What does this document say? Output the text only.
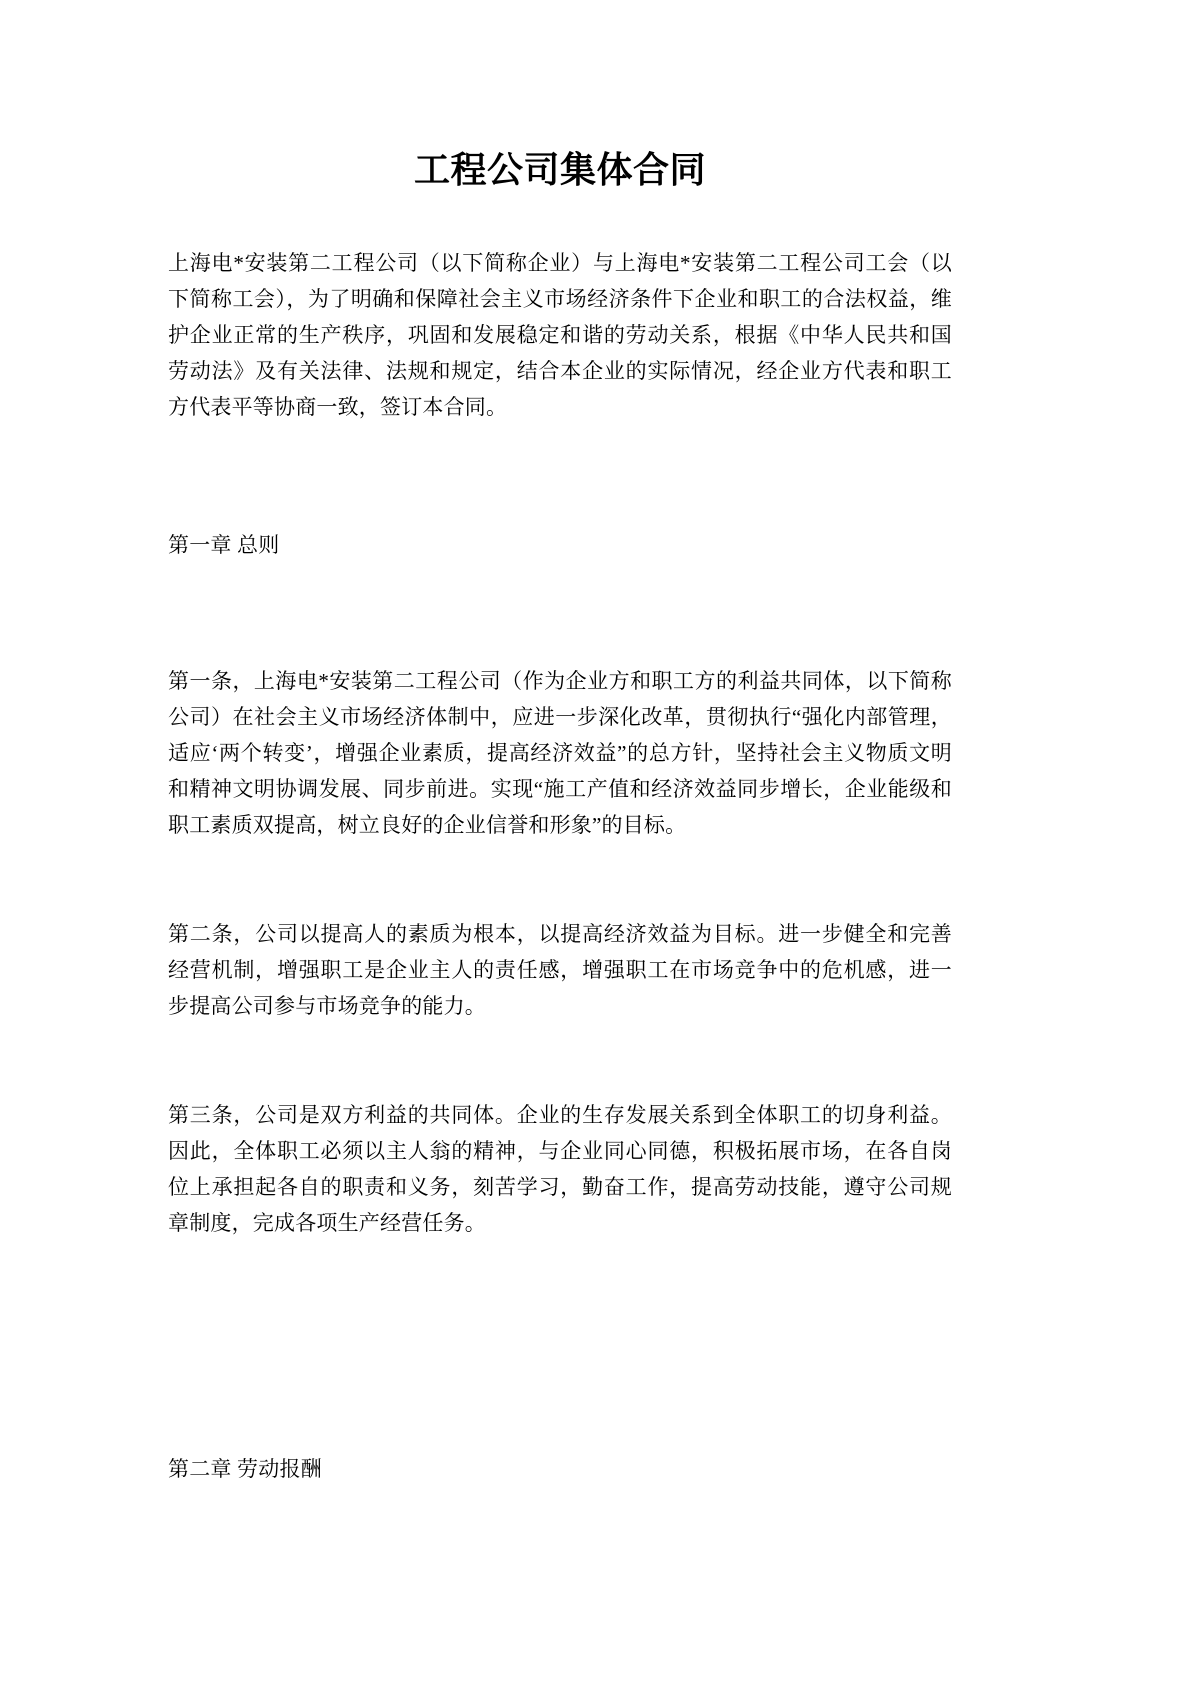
工程公司集体合同

上海电*安装第二工程公司（以下简称企业）与上海电*安装第二工程公司工会（以下简称工会），为了明确和保障社会主义市场经济条件下企业和职工的合法权益，维护企业正常的生产秩序，巩固和发展稳定和谐的劳动关系，根据《中华人民共和国劳动法》及有关法律、法规和规定，结合本企业的实际情况，经企业方代表和职工方代表平等协商一致，签订本合同。

第一章 总则

第一条，上海电*安装第二工程公司（作为企业方和职工方的利益共同体，以下简称公司）在社会主义市场经济体制中，应进一步深化改革，贯彻执行“强化内部管理，适应‘两个转变’，增强企业素质，提高经济效益”的总方针，坚持社会主义物质文明和精神文明协调发展、同步前进。实现“施工产值和经济效益同步增长，企业能级和职工素质双提高，树立良好的企业信誉和形象”的目标。

第二条，公司以提高人的素质为根本，以提高经济效益为目标。进一步健全和完善经营机制，增强职工是企业主人的责任感，增强职工在市场竞争中的危机感，进一步提高公司参与市场竞争的能力。

第三条，公司是双方利益的共同体。企业的生存发展关系到全体职工的切身利益。因此，全体职工必须以主人翁的精神，与企业同心同德，积极拓展市场，在各自岗位上承担起各自的职责和义务，刻苦学习，勤奋工作，提高劳动技能，遵守公司规章制度，完成各项生产经营任务。

第二章 劳动报酬
